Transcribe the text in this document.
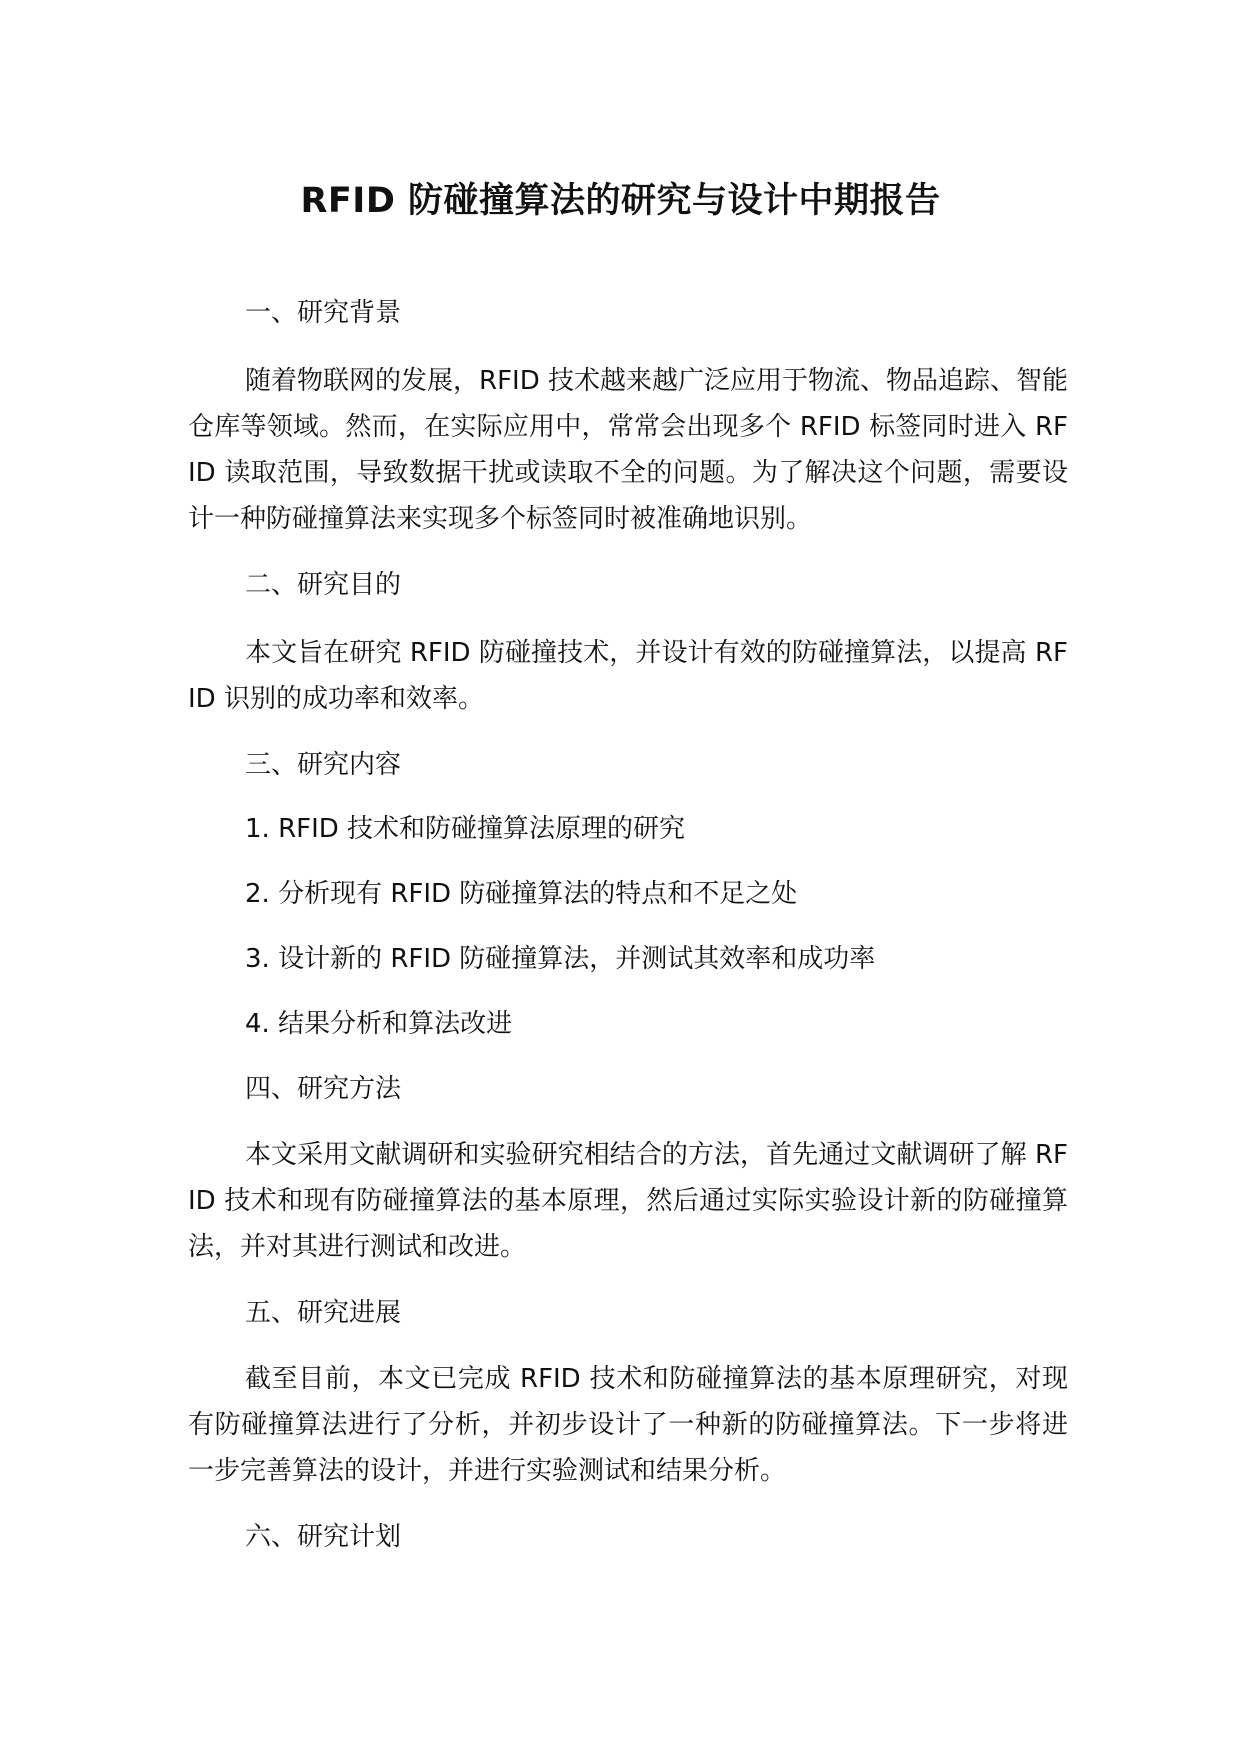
RFID 防碰撞算法的研究与设计中期报告
一、研究背景
随着物联网的发展，RFID 技术越来越广泛应用于物流、物品追踪、智能仓库等领域。然而，在实际应用中，常常会出现多个 RFID 标签同时进入 RFID 读取范围，导致数据干扰或读取不全的问题。为了解决这个问题，需要设计一种防碰撞算法来实现多个标签同时被准确地识别。
二、研究目的
本文旨在研究 RFID 防碰撞技术，并设计有效的防碰撞算法，以提高 RFID 识别的成功率和效率。
三、研究内容
1. RFID 技术和防碰撞算法原理的研究
2. 分析现有 RFID 防碰撞算法的特点和不足之处
3. 设计新的 RFID 防碰撞算法，并测试其效率和成功率
4. 结果分析和算法改进
四、研究方法
本文采用文献调研和实验研究相结合的方法，首先通过文献调研了解 RFID 技术和现有防碰撞算法的基本原理，然后通过实际实验设计新的防碰撞算法，并对其进行测试和改进。
五、研究进展
截至目前，本文已完成 RFID 技术和防碰撞算法的基本原理研究，对现有防碰撞算法进行了分析，并初步设计了一种新的防碰撞算法。下一步将进一步完善算法的设计，并进行实验测试和结果分析。
六、研究计划
